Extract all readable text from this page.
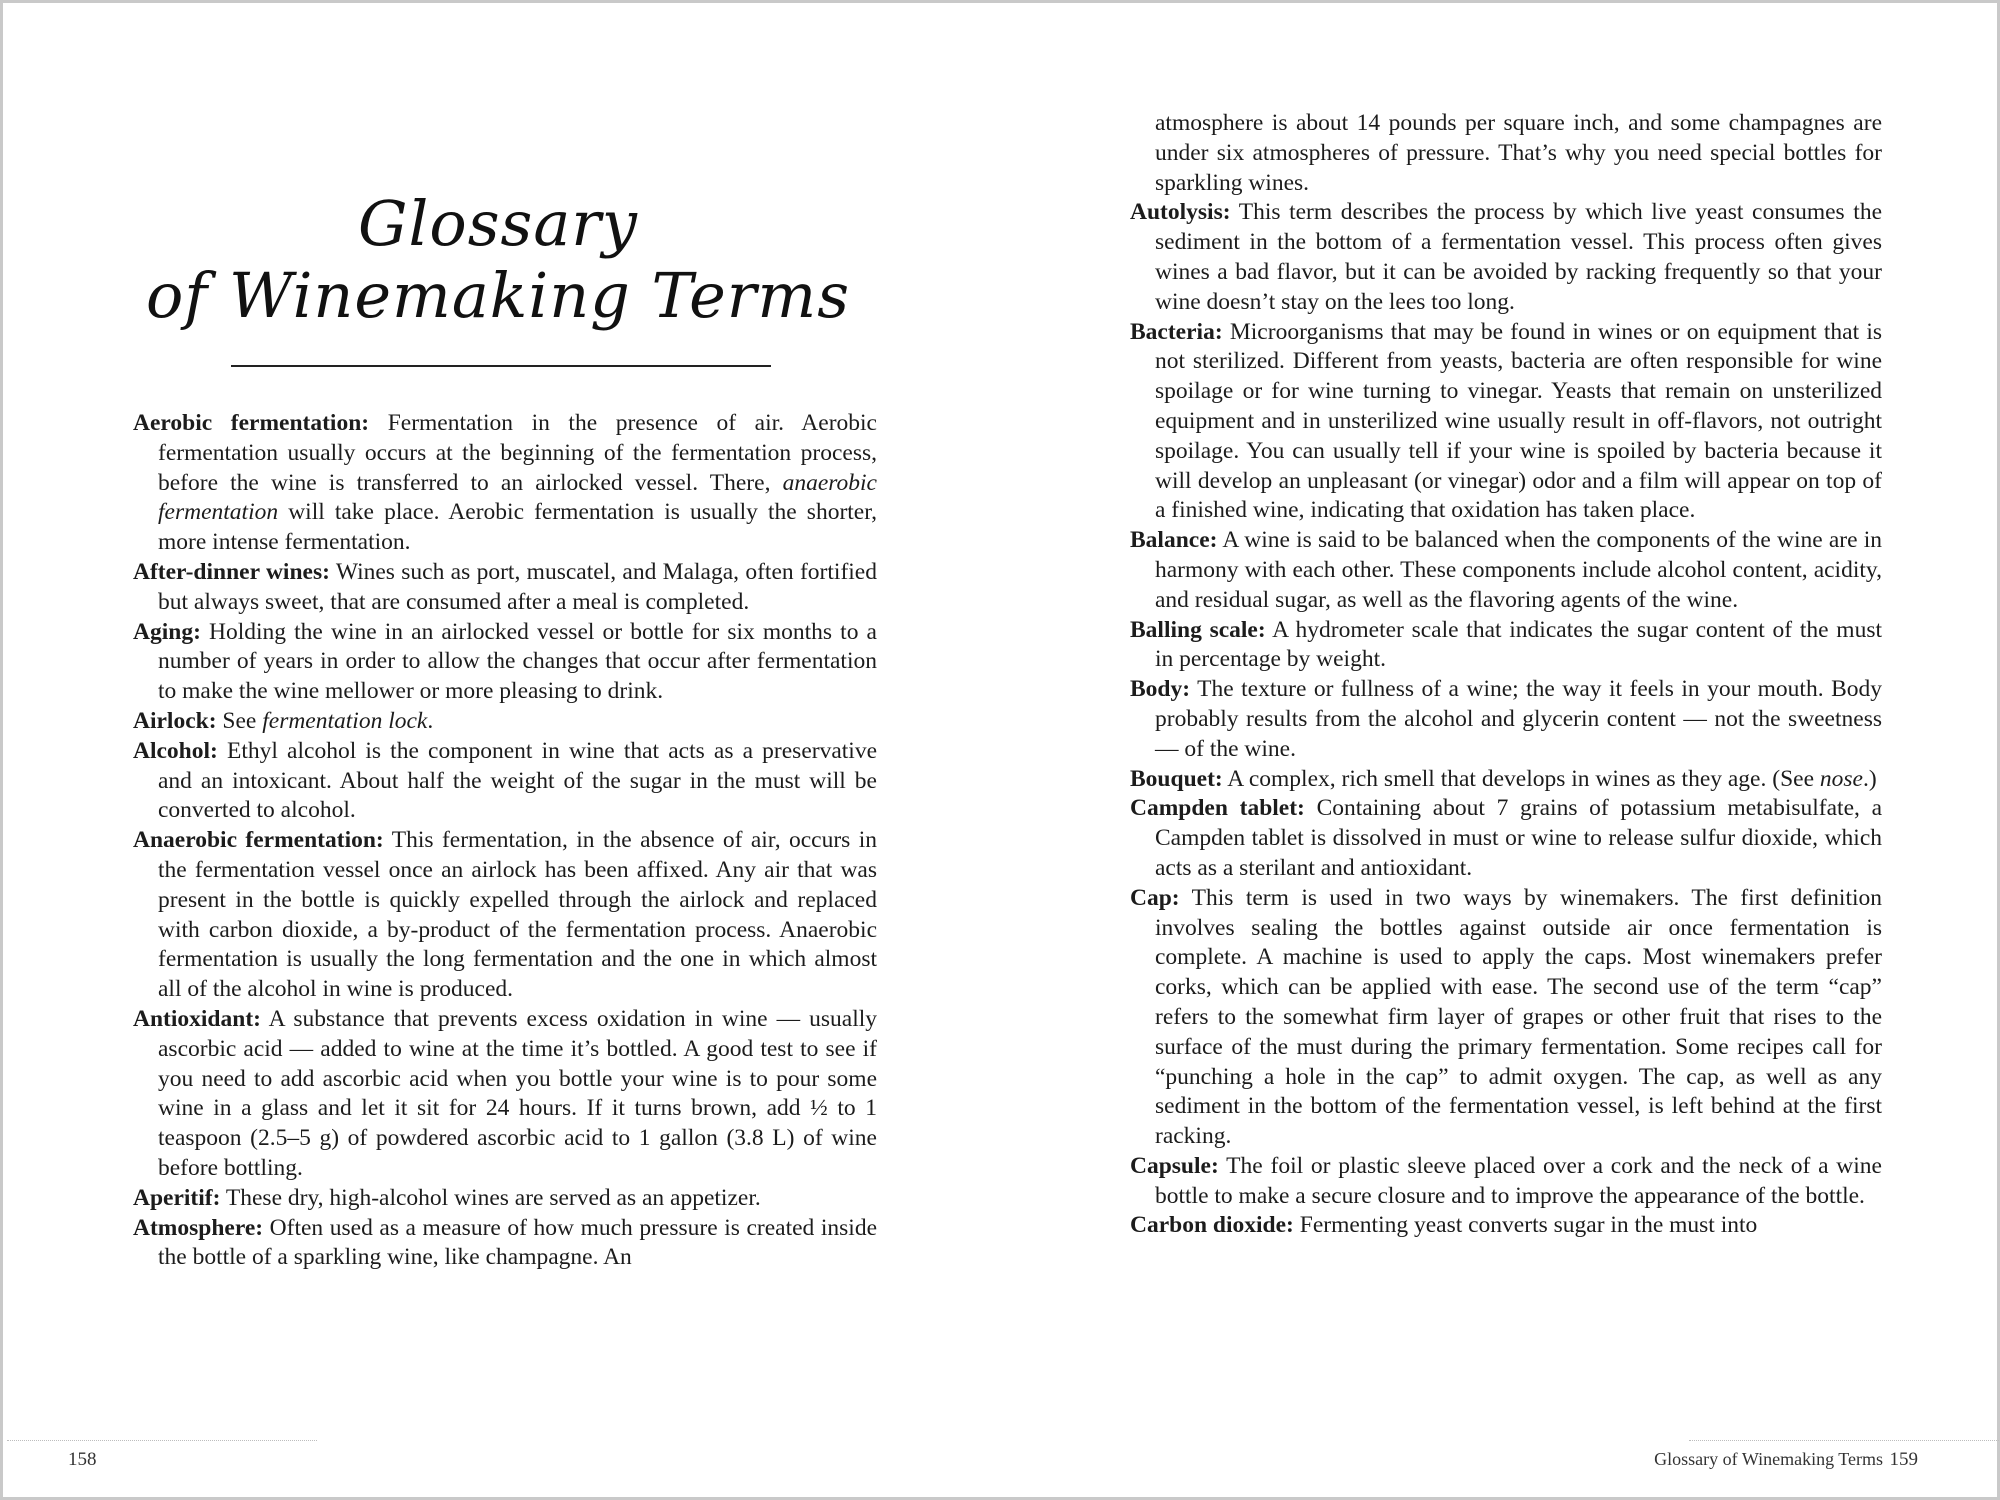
Glossary
of Winemaking Terms

Aerobic fermentation: Fermentation in the presence of air. Aerobic fermentation usually occurs at the beginning of the fermentation process, before the wine is transferred to an airlocked vessel. There, anaerobic fermentation will take place. Aerobic fermentation is usually the shorter, more intense fermentation.

After-dinner wines: Wines such as port, muscatel, and Malaga, often fortified but always sweet, that are consumed after a meal is completed.

Aging: Holding the wine in an airlocked vessel or bottle for six months to a number of years in order to allow the changes that occur after fermentation to make the wine mellower or more pleasing to drink.

Airlock: See fermentation lock.

Alcohol: Ethyl alcohol is the component in wine that acts as a preservative and an intoxicant. About half the weight of the sugar in the must will be converted to alcohol.

Anaerobic fermentation: This fermentation, in the absence of air, occurs in the fermentation vessel once an airlock has been affixed. Any air that was present in the bottle is quickly expelled through the airlock and replaced with carbon dioxide, a by-product of the fermentation process. Anaerobic fermentation is usually the long fermentation and the one in which almost all of the alcohol in wine is produced.

Antioxidant: A substance that prevents excess oxidation in wine — usually ascorbic acid — added to wine at the time it’s bottled. A good test to see if you need to add ascorbic acid when you bottle your wine is to pour some wine in a glass and let it sit for 24 hours. If it turns brown, add ½ to 1 teaspoon (2.5–5 g) of powdered ascorbic acid to 1 gallon (3.8 L) of wine before bottling.

Aperitif: These dry, high-alcohol wines are served as an appetizer.

Atmosphere: Often used as a measure of how much pressure is created inside the bottle of a sparkling wine, like champagne. An

158

atmosphere is about 14 pounds per square inch, and some champagnes are under six atmospheres of pressure. That’s why you need special bottles for sparkling wines.

Autolysis: This term describes the process by which live yeast consumes the sediment in the bottom of a fermentation vessel. This process often gives wines a bad flavor, but it can be avoided by racking frequently so that your wine doesn’t stay on the lees too long.

Bacteria: Microorganisms that may be found in wines or on equipment that is not sterilized. Different from yeasts, bacteria are often responsible for wine spoilage or for wine turning to vinegar. Yeasts that remain on unsterilized equipment and in unsterilized wine usually result in off-flavors, not outright spoilage. You can usually tell if your wine is spoiled by bacteria because it will develop an unpleasant (or vinegar) odor and a film will appear on top of a finished wine, indicating that oxidation has taken place.

Balance: A wine is said to be balanced when the components of the wine are in harmony with each other. These components include alcohol content, acidity, and residual sugar, as well as the flavoring agents of the wine.

Balling scale: A hydrometer scale that indicates the sugar content of the must in percentage by weight.

Body: The texture or fullness of a wine; the way it feels in your mouth. Body probably results from the alcohol and glycerin content — not the sweetness — of the wine.

Bouquet: A complex, rich smell that develops in wines as they age. (See nose.)

Campden tablet: Containing about 7 grains of potassium metabisulfate, a Campden tablet is dissolved in must or wine to release sulfur dioxide, which acts as a sterilant and antioxidant.

Cap: This term is used in two ways by winemakers. The first definition involves sealing the bottles against outside air once fermentation is complete. A machine is used to apply the caps. Most winemakers prefer corks, which can be applied with ease. The second use of the term “cap” refers to the somewhat firm layer of grapes or other fruit that rises to the surface of the must during the primary fermentation. Some recipes call for “punching a hole in the cap” to admit oxygen. The cap, as well as any sediment in the bottom of the fermentation vessel, is left behind at the first racking.

Capsule: The foil or plastic sleeve placed over a cork and the neck of a wine bottle to make a secure closure and to improve the appearance of the bottle.

Carbon dioxide: Fermenting yeast converts sugar in the must into

Glossary of Winemaking Terms 159
